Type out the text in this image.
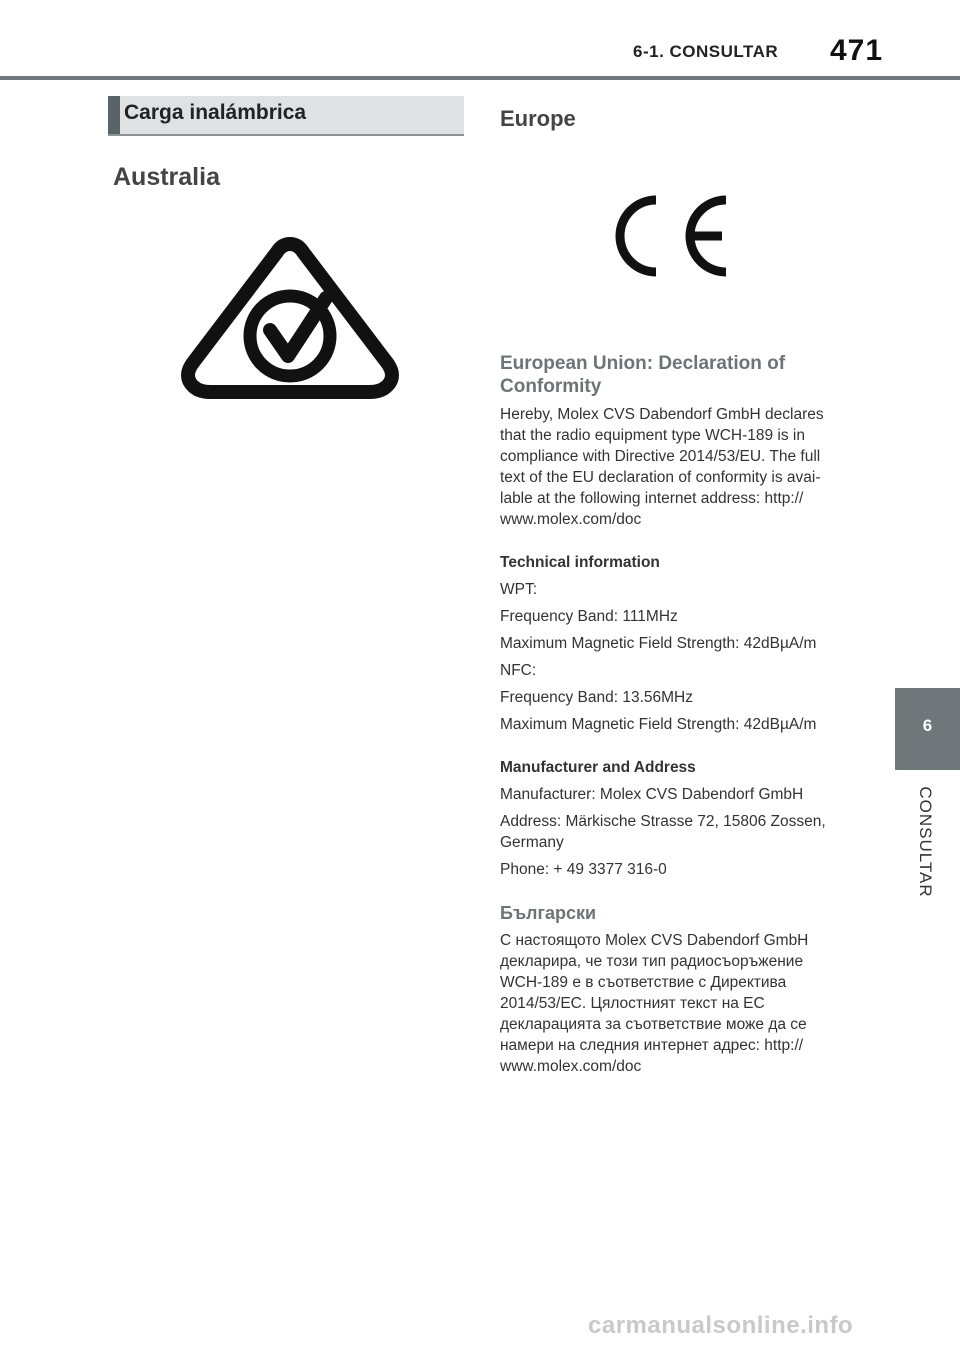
6-1. CONSULTAR 471
Carga inalámbrica
Australia
Europe
European Union: Declaration of Conformity
Hereby, Molex CVS Dabendorf GmbH declares that the radio equipment type WCH-189 is in compliance with Directive 2014/53/EU. The full text of the EU declaration of conformity is avai- lable at the following internet address: http:// www.molex.com/doc
Technical information
WPT:
Frequency Band: 111MHz
Maximum Magnetic Field Strength: 42dBµA/m
NFC:
Frequency Band: 13.56MHz
Maximum Magnetic Field Strength: 42dBµA/m
Manufacturer and Address
Manufacturer: Molex CVS Dabendorf GmbH
Address: Märkische Strasse 72, 15806 Zossen, Germany
Phone: + 49 3377 316-0
Български
С настоящото Molex CVS Dabendorf GmbH декларира, че този тип радиосъоръжение WCH-189 е в съответствие с Директива 2014/53/ЕС. Цялостният текст на ЕС декларацията за съответствие може да се намери на следния интернет адрес: http:// www.molex.com/doc
6
CONSULTAR
carmanualsonline.info
